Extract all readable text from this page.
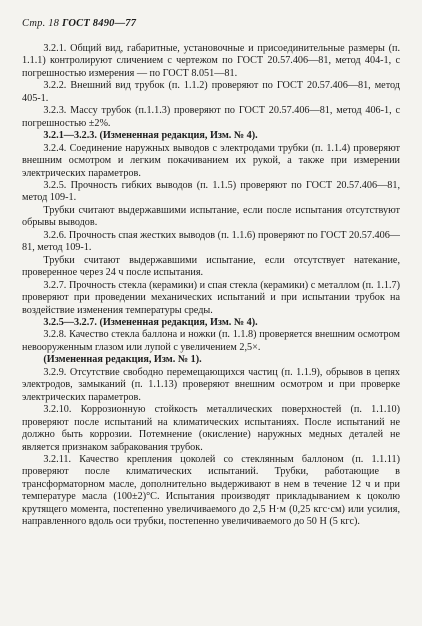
Стр. 18 ГОСТ 8490—77

3.2.1. Общий вид, габаритные, установочные и присоединительные размеры (п. 1.1.1) контролируют сличением с чертежом по ГОСТ 20.57.406—81, метод 404-1, с погрешностью измерения — по ГОСТ 8.051—81.

3.2.2. Внешний вид трубок (п. 1.1.2) проверяют по ГОСТ 20.57.406—81, метод 405-1.

3.2.3. Массу трубок (п.1.1.3) проверяют по ГОСТ 20.57.406—81, метод 406-1, с погрешностью ±2%.

3.2.1—3.2.3. (Измененная редакция, Изм. № 4).

3.2.4. Соединение наружных выводов с электродами трубки (п. 1.1.4) проверяют внешним осмотром и легким покачиванием их рукой, а также при измерении электрических параметров.

3.2.5. Прочность гибких выводов (п. 1.1.5) проверяют по ГОСТ 20.57.406—81, метод 109-1.

Трубки считают выдержавшими испытание, если после испытания отсутствуют обрывы выводов.

3.2.6. Прочность спая жестких выводов (п. 1.1.6) проверяют по ГОСТ 20.57.406—81, метод 109-1.

Трубки считают выдержавшими испытание, если отсутствует натекание, проверенное через 24 ч после испытания.

3.2.7. Прочность стекла (керамики) и спая стекла (керамики) с металлом (п. 1.1.7) проверяют при проведении механических испытаний и при испытании трубок на воздействие изменения температуры среды.

3.2.5—3.2.7. (Измененная редакция, Изм. № 4).

3.2.8. Качество стекла баллона и ножки (п. 1.1.8) проверяется внешним осмотром невооруженным глазом или лупой с увеличением 2,5×.

(Измененная редакция, Изм. № 1).

3.2.9. Отсутствие свободно перемещающихся частиц (п. 1.1.9), обрывов в цепях электродов, замыканий (п. 1.1.13) проверяют внешним осмотром и при проверке электрических параметров.

3.2.10. Коррозионную стойкость металлических поверхностей (п. 1.1.10) проверяют после испытаний на климатических испытаниях. После испытаний не должно быть коррозии. Потемнение (окисление) наружных медных деталей не является признаком забракования трубок.

3.2.11. Качество крепления цоколей со стеклянным баллоном (п. 1.1.11) проверяют после климатических испытаний. Трубки, работающие в трансформаторном масле, дополнительно выдерживают в нем в течение 12 ч и при температуре масла (100±2)°С. Испытания производят прикладыванием к цоколю крутящего момента, постепенно увеличиваемого до 2,5 Н·м (0,25 кгс·см) или усилия, направленного вдоль оси трубки, постепенно увеличиваемого до 50 Н (5 кгс).
